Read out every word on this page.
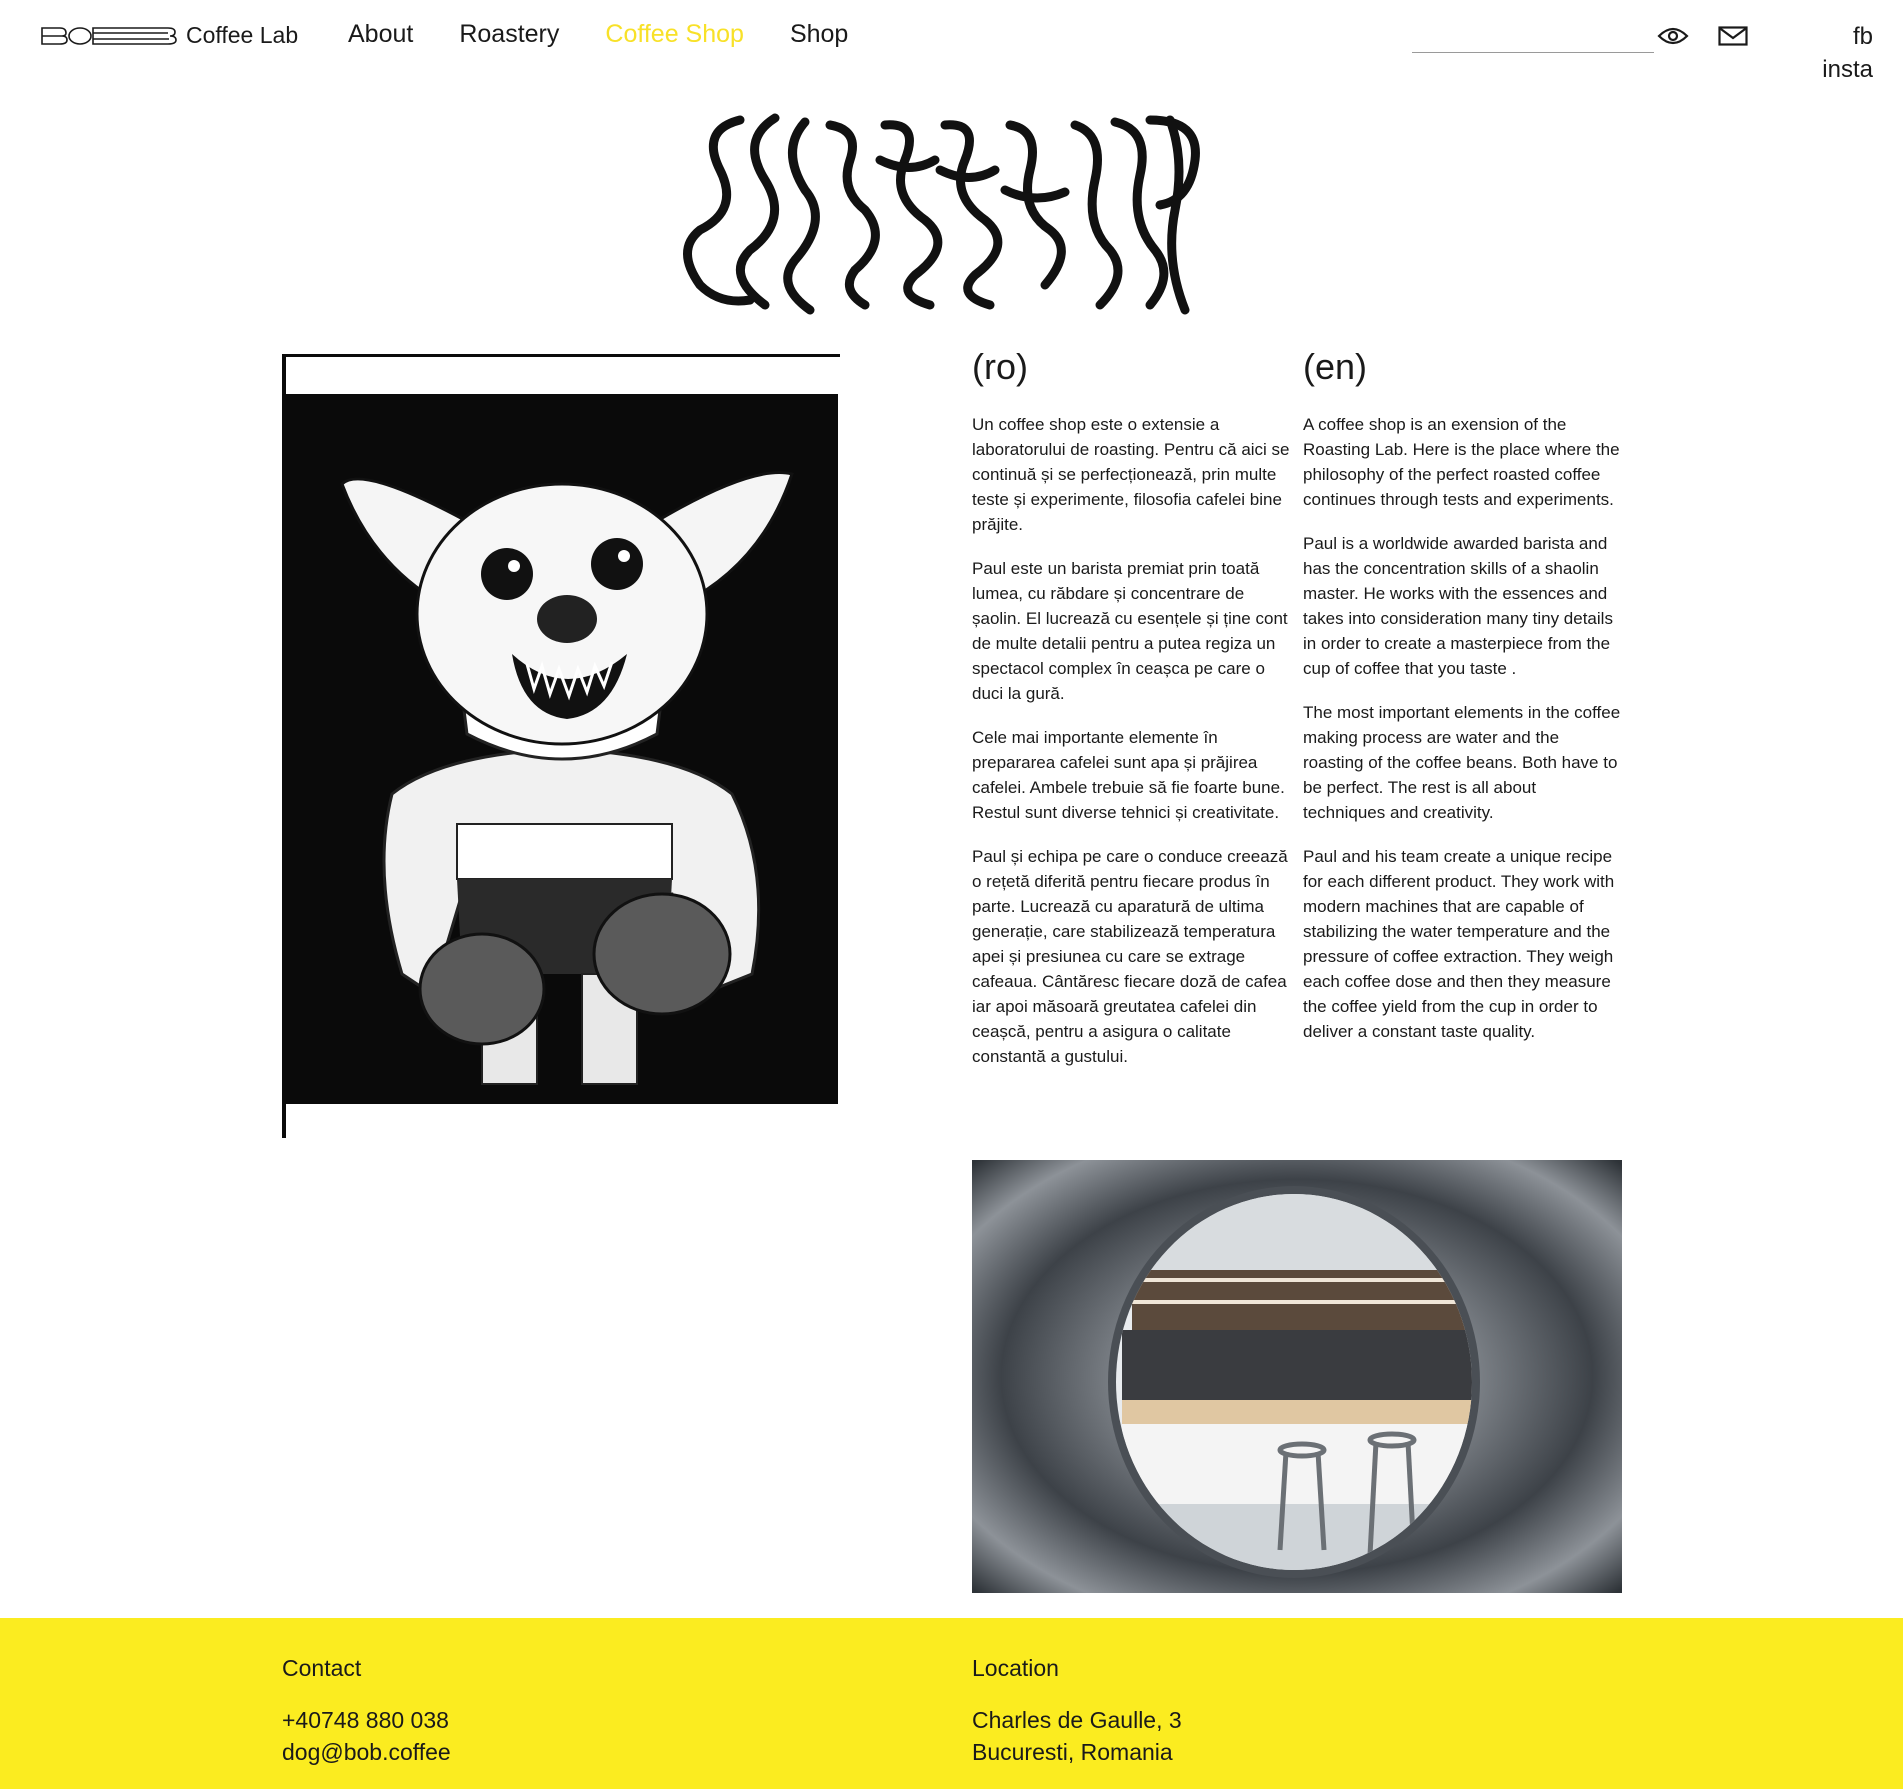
Coffee Lab About Roastery Coffee Shop Shop	fb
insta
(ro)

Un coffee shop este o extensie a laboratorului de roasting. Pentru că aici se continuă și se perfecționează, prin multe teste și experimente, filosofia cafelei bine prăjite.

Paul este un barista premiat prin toată lumea, cu răbdare și concentrare de șaolin. El lucrează cu esențele și ține cont de multe detalii pentru a putea regiza un spectacol complex în ceașca pe care o duci la gură.

Cele mai importante elemente în prepararea cafelei sunt apa și prăjirea cafelei. Ambele trebuie să fie foarte bune. Restul sunt diverse tehnici și creativitate.

Paul și echipa pe care o conduce creează o rețetă diferită pentru fiecare produs în parte. Lucrează cu aparatură de ultima generație, care stabilizează temperatura apei și presiunea cu care se extrage cafeaua. Cântăresc fiecare doză de cafea iar apoi măsoară greutatea cafelei din ceașcă, pentru a asigura o calitate constantă a gustului.

(en)

A coffee shop is an exension of the Roasting Lab. Here is the place where the philosophy of the perfect roasted coffee continues through tests and experiments.

Paul is a worldwide awarded barista and has the concentration skills of a shaolin master. He works with the essences and takes into consideration many tiny details in order to create a masterpiece from the cup of coffee that you taste .

The most important elements in the coffee making process are water and the roasting of the coffee beans. Both have to be perfect. The rest is all about techniques and creativity.

Paul and his team create a unique recipe for each different product. They work with modern machines that are capable of stabilizing the water temperature and the pressure of coffee extraction. They weigh each coffee dose and then they measure the coffee yield from the cup in order to deliver a constant taste quality.

Contact
+40748 880 038
dog@bob.coffee
Location
Charles de Gaulle, 3
Bucuresti, Romania
